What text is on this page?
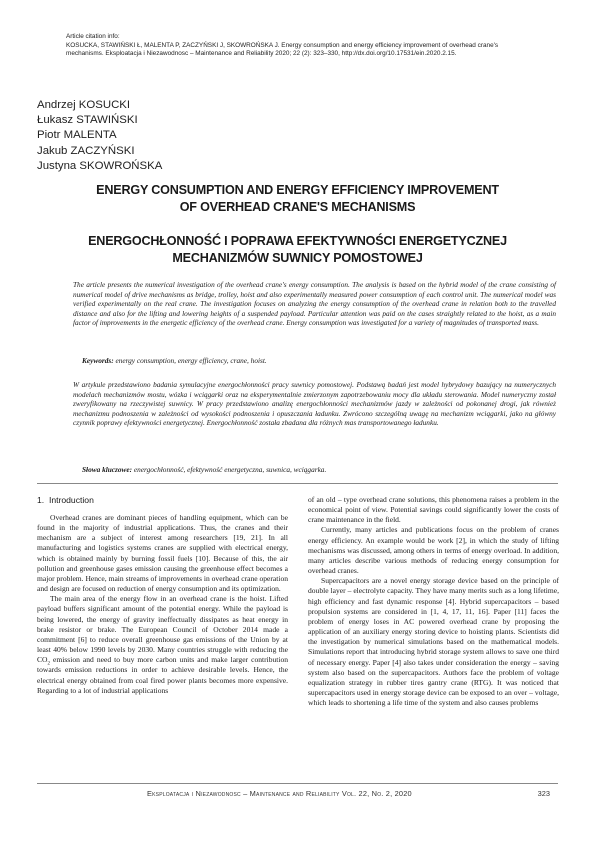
Article citation info:
KOSUCKA, STAWIŃSKI Ł, MALENTA P, ZACZYŃSKI J, SKOWROŃSKA J. Energy consumption and energy efficiency improvement of overhead crane's mechanisms. Eksploatacja i Niezawodnosc – Maintenance and Reliability 2020; 22 (2): 323–330, http://dx.doi.org/10.17531/ein.2020.2.15.
Andrzej KOSUCKI
Łukasz STAWIŃSKI
Piotr MALENTA
Jakub ZACZYŃSKI
Justyna SKOWROŃSKA
ENERGY CONSUMPTION AND ENERGY EFFICIENCY IMPROVEMENT
OF OVERHEAD CRANE'S MECHANISMS
ENERGOCHŁONNOŚĆ I POPRAWA EFEKTYWNOŚCI ENERGETYCZNEJ
MECHANIZMÓW SUWNICY POMOSTOWEJ
The article presents the numerical investigation of the overhead crane's energy consumption. The analysis is based on the hybrid model of the crane consisting of numerical model of drive mechanisms as bridge, trolley, hoist and also experimentally measured power consumption of each control unit. The numerical model was verified experimentally on the real crane. The investigation focuses on analyzing the energy consumption of the overhead crane in relation both to the travelled distance and also for the lifting and lowering heights of a suspended payload. Particular attention was paid on the cases straightly related to the hoist, as a main factor of improvements in the energetic efficiency of the overhead crane. Energy consumption was investigated for a variety of magnitudes of transported mass.
Keywords: energy consumption, energy efficiency, crane, hoist.
W artykule przedstawiono badania symulacyjne energochłonności pracy suwnicy pomostowej. Podstawą badań jest model hybrydowy bazujący na numerycznych modelach mechanizmów mostu, wózka i wciągarki oraz na eksperymentalnie zmierzonym zapotrzebowaniu mocy dla układu sterowania. Model numeryczny został zweryfikowany na rzeczywistej suwnicy. W pracy przedstawiono analizę energochłonności mechanizmów jazdy w zależności od pokonanej drogi, jak również mechanizmu podnoszenia w zależności od wysokości podnoszenia i opuszczania ładunku. Zwrócono szczególną uwagę na mechanizm wciągarki, jako na główny czynnik poprawy efektywności energetycznej. Energochłonność została zbadana dla różnych mas transportowanego ładunku.
Słowa kluczowe: energochłonność, efektywność energetyczna, suwnica, wciągarka.
1. Introduction

Overhead cranes are dominant pieces of handling equipment, which can be found in the majority of industrial applications. Thus, the cranes and their mechanism are a subject of interest among researchers [19, 21]. In all manufacturing and logistics systems cranes are supplied with electrical energy, which is obtained mainly by burning fossil fuels [10]. Because of this, the air pollution and greenhouse gases emission causing the greenhouse effect becomes a major problem. Hence, main streams of improvements in overhead crane operation and design are focused on reduction of energy consumption and its optimization.

The main area of the energy flow in an overhead crane is the hoist. Lifted payload buffers significant amount of the potential energy. While the payload is being lowered, the energy of gravity ineffectually dissipates as heat energy in brake resistor or brake. The European Council of October 2014 made a commitment [6] to reduce overall greenhouse gas emissions of the Union by at least 40% below 1990 levels by 2030. Many countries struggle with reducing the $CO_2$ emission and need to buy more carbon units and make larger contribution towards emission reductions in order to achieve desirable levels. Hence, the electrical energy obtained from coal fired power plants becomes more expensive. Regarding to a lot of industrial applications

of an old – type overhead crane solutions, this phenomena raises a problem in the economical point of view. Potential savings could significantly lower the costs of crane maintenance in the field.

Currently, many articles and publications focus on the problem of cranes energy efficiency. An example would be work [2], in which the study of lifting mechanisms was discussed, among others in terms of energy overload. In addition, many articles describe various methods of reducing energy consumption for overhead cranes.

Supercapacitors are a novel energy storage device based on the principle of double layer – electrolyte capacity. They have many merits such as a long lifetime, high efficiency and fast dynamic response [4]. Hybrid supercapacitors – based propulsion systems are considered in [1, 4, 17, 11, 16]. Paper [11] faces the problem of energy loses in AC powered overhead crane by proposing the application of an auxiliary energy storing device to hoisting plants. Scientists did the investigation by numerical simulations based on the mathematical models. Simulations report that introducing hybrid storage system allows to save one third of necessary energy. Paper [4] also takes under consideration the energy – saving system also based on the supercapacitors. Authors face the problem of voltage equalization strategy in rubber tires gantry crane (RTG). It was noticed that supercapacitors used in energy storage device can be exposed to an over – voltage, which leads to shortening a life time of the system and also causes problems

Eksploatacja i Niezawodnosc – Maintenance and Reliability Vol. 22, No. 2, 2020	323
